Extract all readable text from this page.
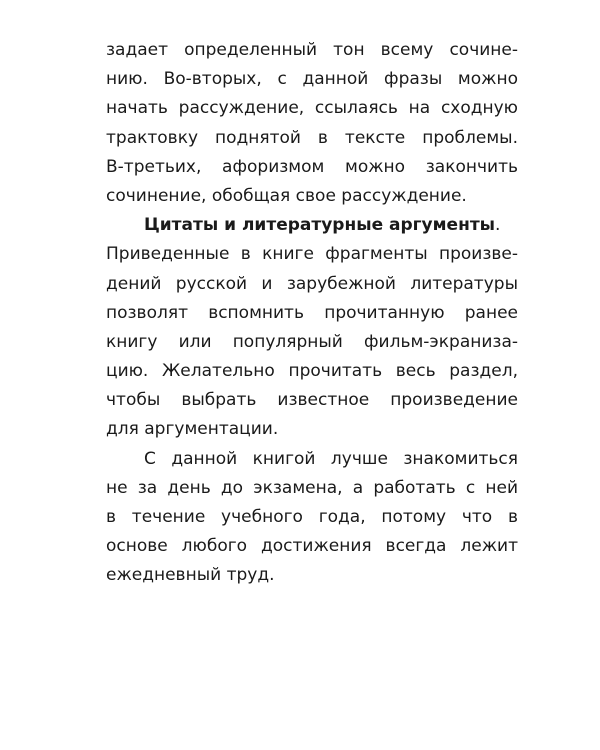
задает определенный тон всему сочине-
нию. Во-вторых, с данной фразы можно
начать рассуждение, ссылаясь на сходную
трактовку поднятой в тексте проблемы.
В-третьих, афоризмом можно закончить
сочинение, обобщая свое рассуждение.
Цитаты и литературные аргументы.
Приведенные в книге фрагменты произве-
дений русской и зарубежной литературы
позволят вспомнить прочитанную ранее
книгу или популярный фильм-экраниза-
цию. Желательно прочитать весь раздел,
чтобы выбрать известное произведение
для аргументации.
С данной книгой лучше знакомиться
не за день до экзамена, а работать с ней
в течение учебного года, потому что в
основе любого достижения всегда лежит
ежедневный труд.
